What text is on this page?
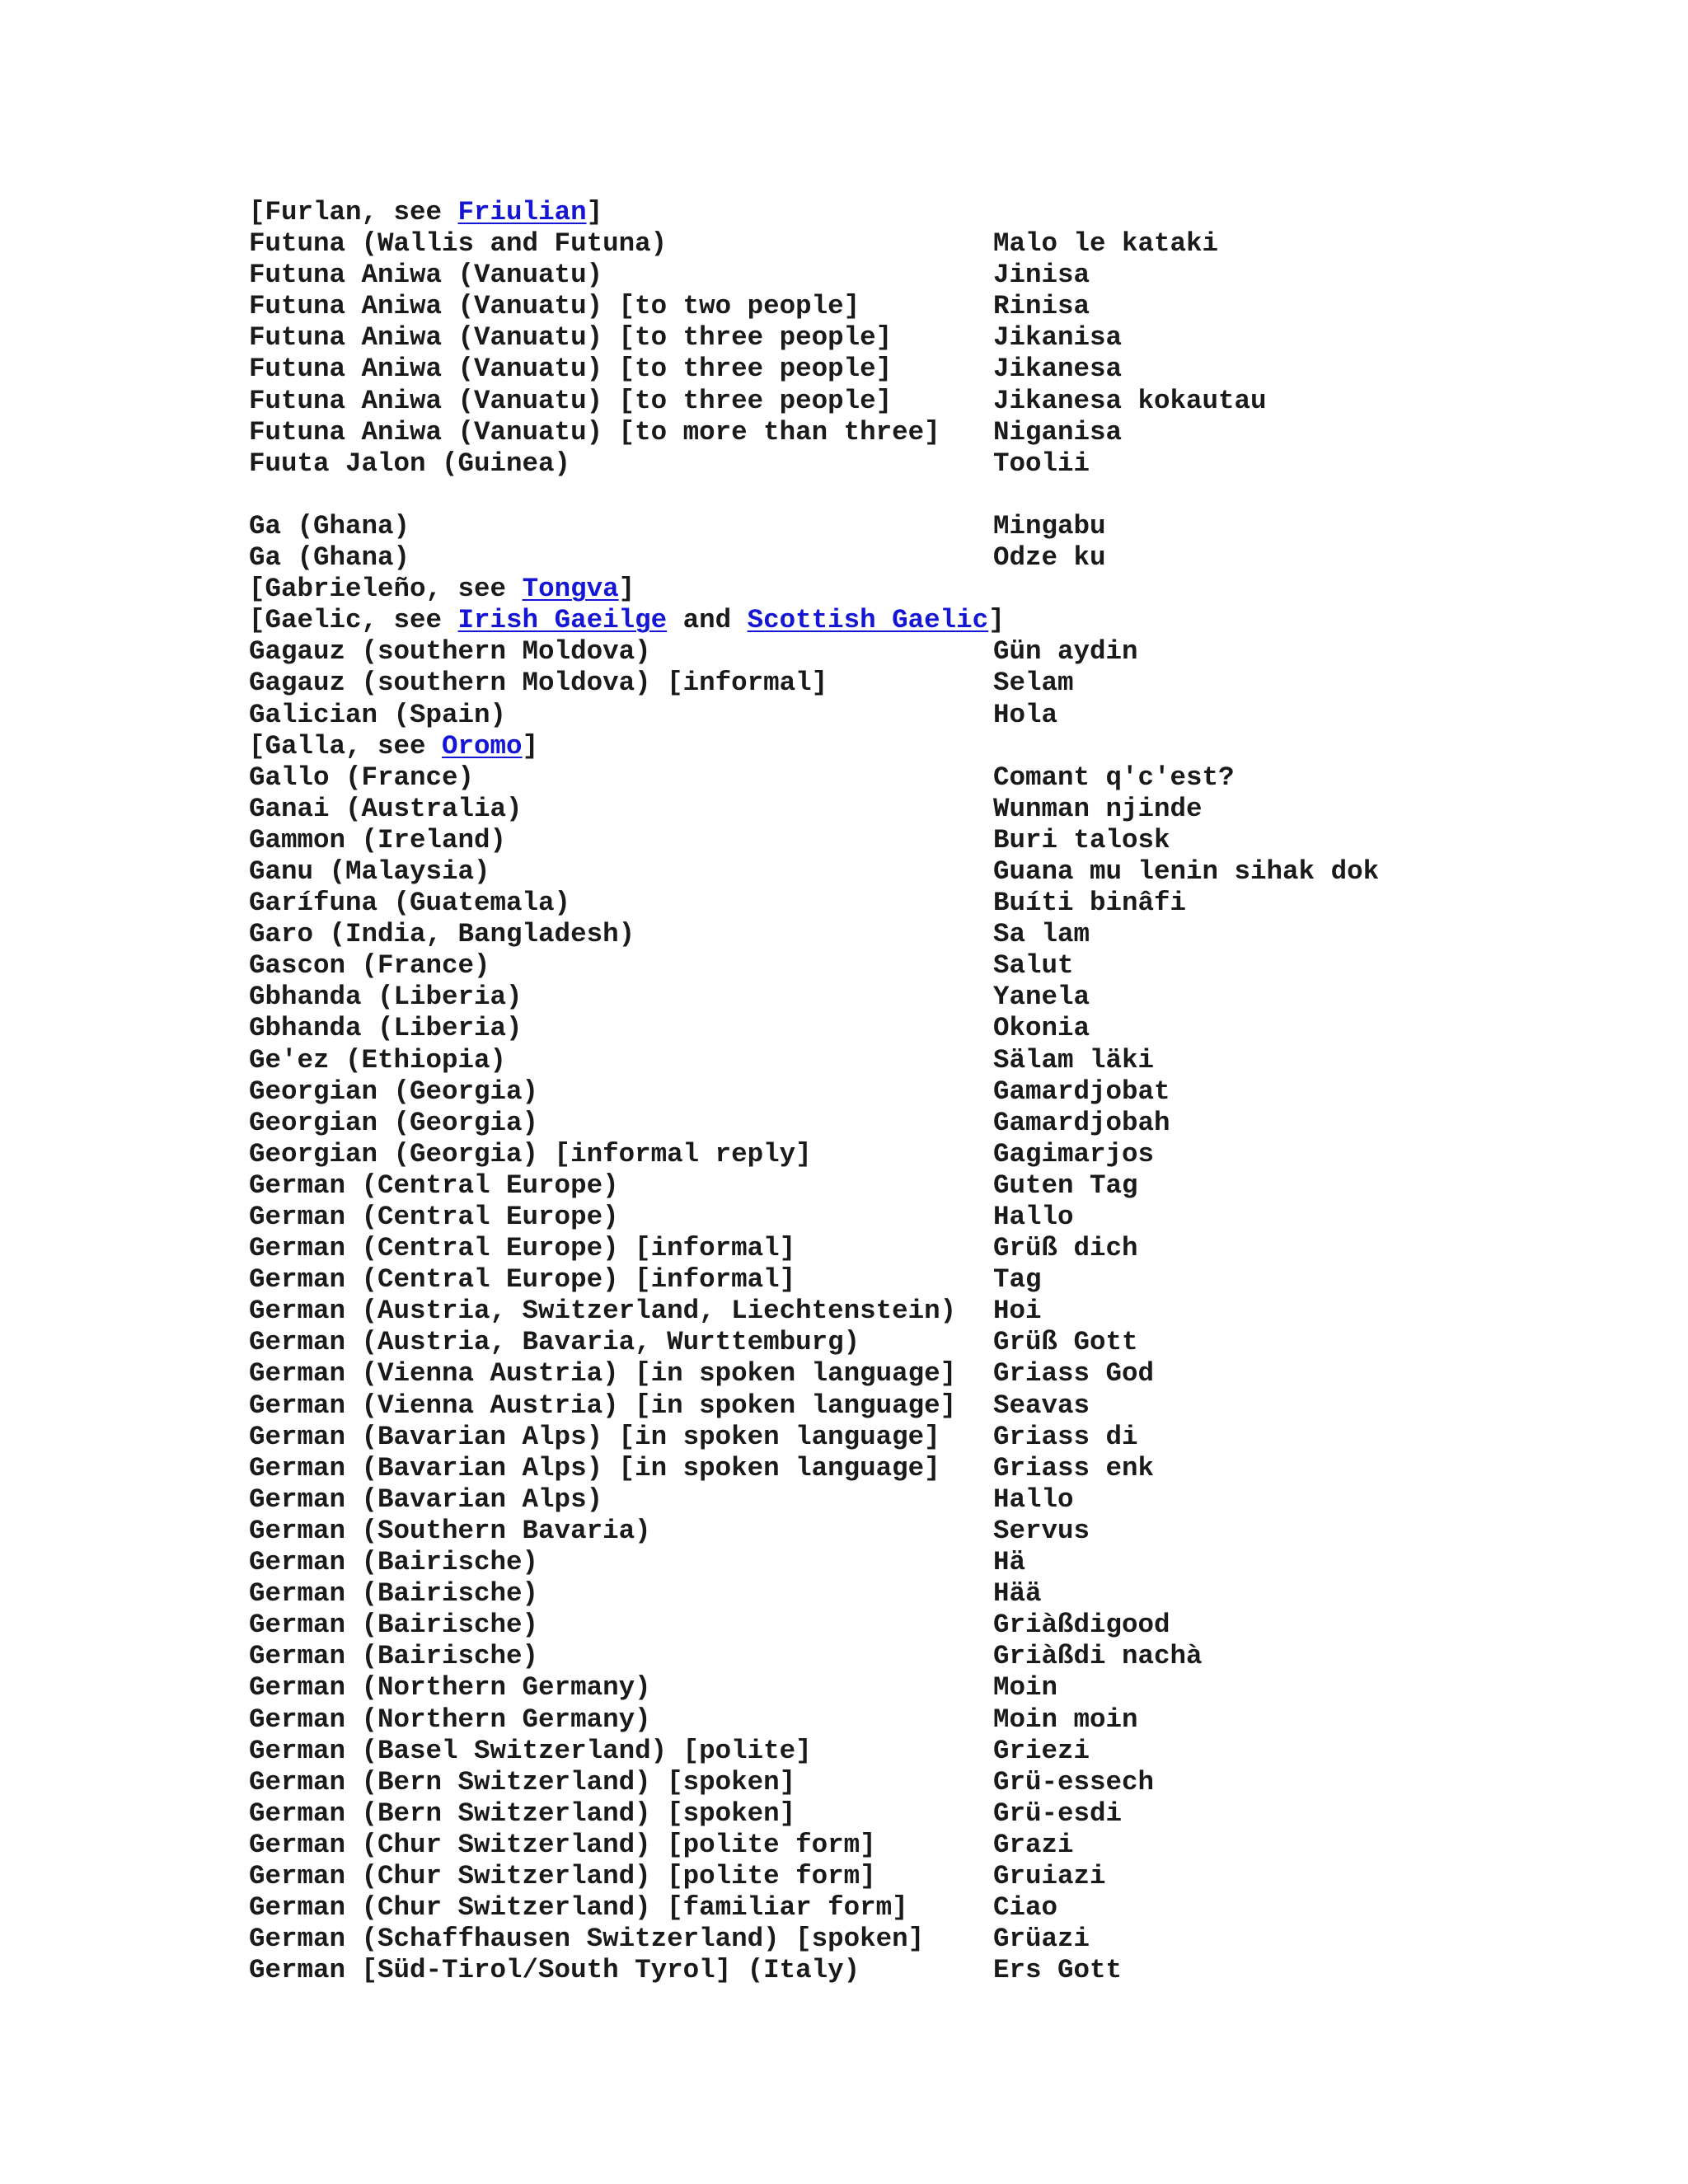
[Furlan, see Friulian ]
Futuna (Wallis and Futuna)	Malo le kataki
Futuna Aniwa (Vanuatu)	Jinisa
Futuna Aniwa (Vanuatu) [to two people]	Rinisa
Futuna Aniwa (Vanuatu) [to three people]	Jikanisa
Futuna Aniwa (Vanuatu) [to three people]	Jikanesa
Futuna Aniwa (Vanuatu) [to three people]	Jikanesa kokautau
Futuna Aniwa (Vanuatu) [to more than three]	Niganisa
Fuuta Jalon (Guinea)	Toolii
Ga (Ghana)	Mingabu
Ga (Ghana)	Odze ku
[Gabrieleño, see Tongva ]
[Gaelic, see Irish Gaeilge and Scottish Gaelic ]
Gagauz (southern Moldova)	Gün aydin
Gagauz (southern Moldova) [informal]	Selam
Galician (Spain)	Hola
[Galla, see Oromo ]
Gallo (France)	Comant q'c'est?
Ganai (Australia)	Wunman njinde
Gammon (Ireland)	Buri talosk
Ganu (Malaysia)	Guana mu lenin sihak dok
Garífuna (Guatemala)	Buíti binâfi
Garo (India, Bangladesh)	Sa lam
Gascon (France)	Salut
Gbhanda (Liberia)	Yanela
Gbhanda (Liberia)	Okonia
Ge'ez (Ethiopia)	Sälam läki
Georgian (Georgia)	Gamardjobat
Georgian (Georgia)	Gamardjobah
Georgian (Georgia) [informal reply]	Gagimarjos
German (Central Europe)	Guten Tag
German (Central Europe)	Hallo
German (Central Europe) [informal]	Grüß dich
German (Central Europe) [informal]	Tag
German (Austria, Switzerland, Liechtenstein)	Hoi
German (Austria, Bavaria, Wurttemburg)	Grüß Gott
German (Vienna Austria) [in spoken language]	Griass God
German (Vienna Austria) [in spoken language]	Seavas
German (Bavarian Alps) [in spoken language]	Griass di
German (Bavarian Alps) [in spoken language]	Griass enk
German (Bavarian Alps)	Hallo
German (Southern Bavaria)	Servus
German (Bairische)	Hä
German (Bairische)	Hää
German (Bairische)	Griàßdigood
German (Bairische)	Griàßdi nachà
German (Northern Germany)	Moin
German (Northern Germany)	Moin moin
German (Basel Switzerland) [polite]	Griezi
German (Bern Switzerland) [spoken]	Grü-essech
German (Bern Switzerland) [spoken]	Grü-esdi
German (Chur Switzerland) [polite form]	Grazi
German (Chur Switzerland) [polite form]	Gruiazi
German (Chur Switzerland) [familiar form]	Ciao
German (Schaffhausen Switzerland) [spoken]	Grüazi
German [Süd-Tirol/South Tyrol] (Italy)	Ers Gott
